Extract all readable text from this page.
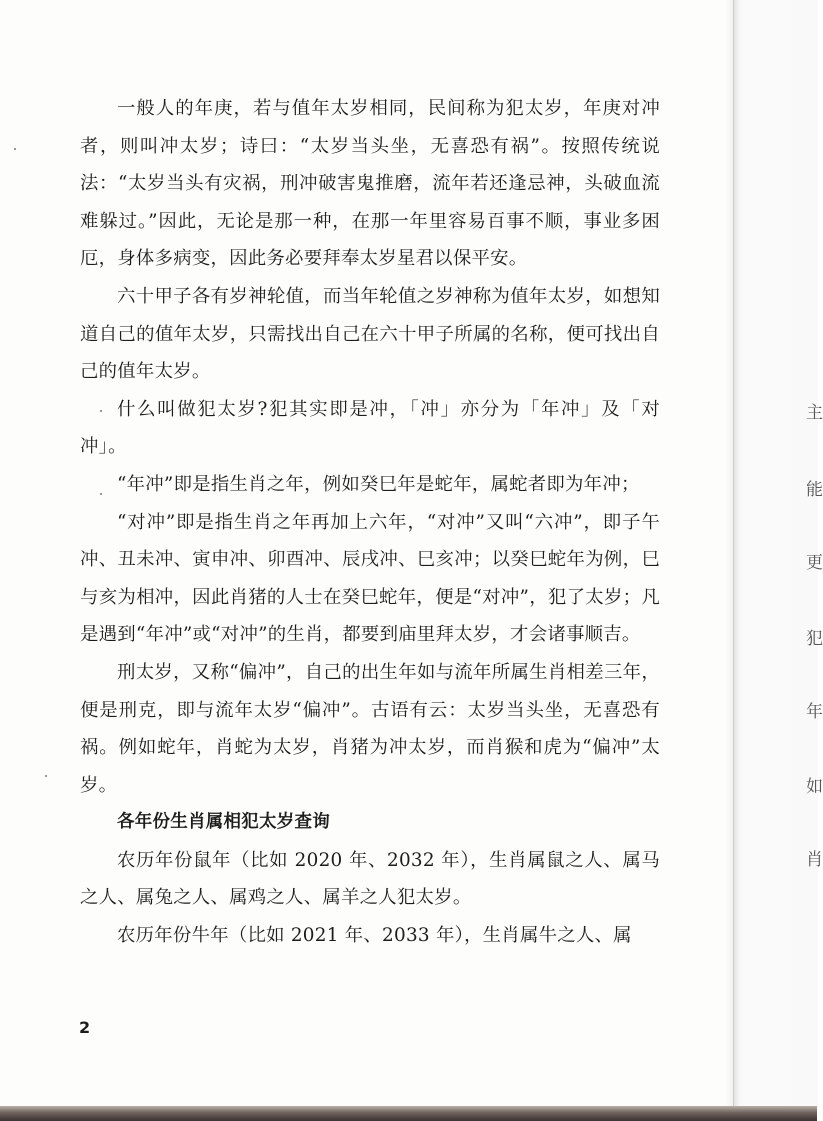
主
能
更
犯
年
如
肖

一般人的年庚，若与值年太岁相同，民间称为犯太岁，年庚对冲者，则叫冲太岁；诗曰：“太岁当头坐，无喜恐有祸”。按照传统说法：“太岁当头有灾祸，刑冲破害鬼推磨，流年若还逢忌神，头破血流难躲过。”因此，无论是那一种，在那一年里容易百事不顺，事业多困厄，身体多病变，因此务必要拜奉太岁星君以保平安。

六十甲子各有岁神轮值，而当年轮值之岁神称为值年太岁，如想知道自己的值年太岁，只需找出自己在六十甲子所属的名称，便可找出自己的值年太岁。

什么叫做犯太岁?犯其实即是冲，「冲」亦分为「年冲」及「对冲」。

“年冲”即是指生肖之年，例如癸巳年是蛇年，属蛇者即为年冲；

“对冲”即是指生肖之年再加上六年，“对冲”又叫“六冲”，即子午冲、丑未冲、寅申冲、卯酉冲、辰戌冲、巳亥冲；以癸巳蛇年为例，巳与亥为相冲，因此肖猪的人士在癸巳蛇年，便是“对冲”，犯了太岁；凡是遇到“年冲”或“对冲”的生肖，都要到庙里拜太岁，才会诸事顺吉。

刑太岁，又称“偏冲”，自己的出生年如与流年所属生肖相差三年，便是刑克，即与流年太岁“偏冲”。古语有云：太岁当头坐，无喜恐有祸。例如蛇年，肖蛇为太岁，肖猪为冲太岁，而肖猴和虎为“偏冲”太岁。

各年份生肖属相犯太岁查询

农历年份鼠年（比如 2020 年、2032 年），生肖属鼠之人、属马之人、属兔之人、属鸡之人、属羊之人犯太岁。

农历年份牛年（比如 2021 年、2033 年），生肖属牛之人、属

2
